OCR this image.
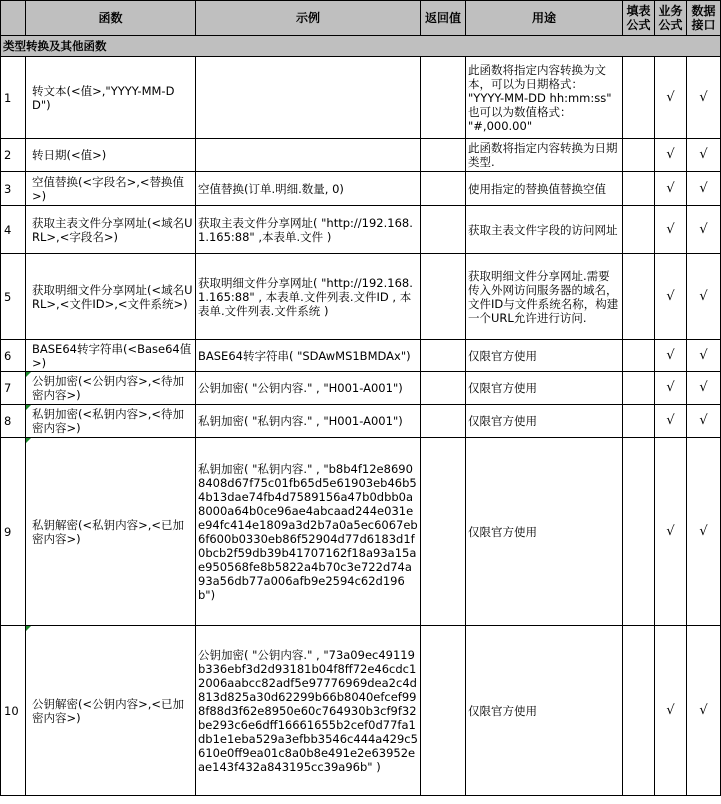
	函数	示例	返回值	用途	填表公式	业务公式	数据接口
类型转换及其他函数							
1	转文本(<值>,"YYYY-MM-DD")			此函数将指定内容转换为文本，可以为日期格式：
"YYYY-MM-DD hh:mm:ss"
也可以为数值格式：
"#,000.00"		√	√
2	转日期(<值>)			此函数将指定内容转换为日期类型.		√	√
3	空值替换(<字段名>,<替换值>)	空值替换(订单.明细.数量, 0)		使用指定的替换值替换空值		√	√
4	获取主表文件分享网址(<域名URL>,<字段名>)	获取主表文件分享网址( "http://192.168.1.165:88" ,本表单.文件 )		获取主表文件字段的访问网址		√	√
5	获取明细文件分享网址(<域名URL>,<文件ID>,<文件系统>)	获取明细文件分享网址( "http://192.168.1.165:88" , 本表单.文件列表.文件ID , 本表单.文件列表.文件系统 )		获取明细文件分享网址.需要传入外网访问服务器的域名，文件ID与文件系统名称，构建一个URL允许进行访问.		√	√
6	BASE64转字符串(<Base64值>)	BASE64转字符串( "SDAwMS1BMDAx")		仅限官方使用		√	√
7	公钥加密(<公钥内容>,<待加密内容>)	公钥加密( "公钥内容." , "H001-A001")		仅限官方使用		√	√
8	私钥加密(<私钥内容>,<待加密内容>)	私钥加密( "私钥内容." , "H001-A001")		仅限官方使用		√	√
9	私钥解密(<私钥内容>,<已加密内容>)	私钥加密( "私钥内容." , "b8b4f12e86908408d67f75c01fb65d5e61903eb46b54b13dae74fb4d7589156a47b0dbb0a8000a64b0ce96ae4abcaad244e031ee94fc414e1809a3d2b7a0a5ec6067eb6f600b0330eb86f52904d77d6183d1f0bcb2f59db39b41707162f18a93a15ae950568fe8b5822a4b70c3e722d74a93a56db77a006afb9e2594c62d196b")		仅限官方使用		√	√
10	公钥解密(<公钥内容>,<已加密内容>)	公钥加密( "公钥内容." , "73a09ec49119b336ebf3d2d93181b04f8ff72e46cdc12006aabcc82adf5e97776969dea2c4d813d825a30d62299b66b8040efcef998f88d3f62e8950e60c764930b3cf9f32be293c6e6dff16661655b2cef0d77fa1db1e1eba529a3efbb3546c444a429c5610e0ff9ea01c8a0b8e491e2e63952eae143f432a843195cc39a96b" )		仅限官方使用		√	√
